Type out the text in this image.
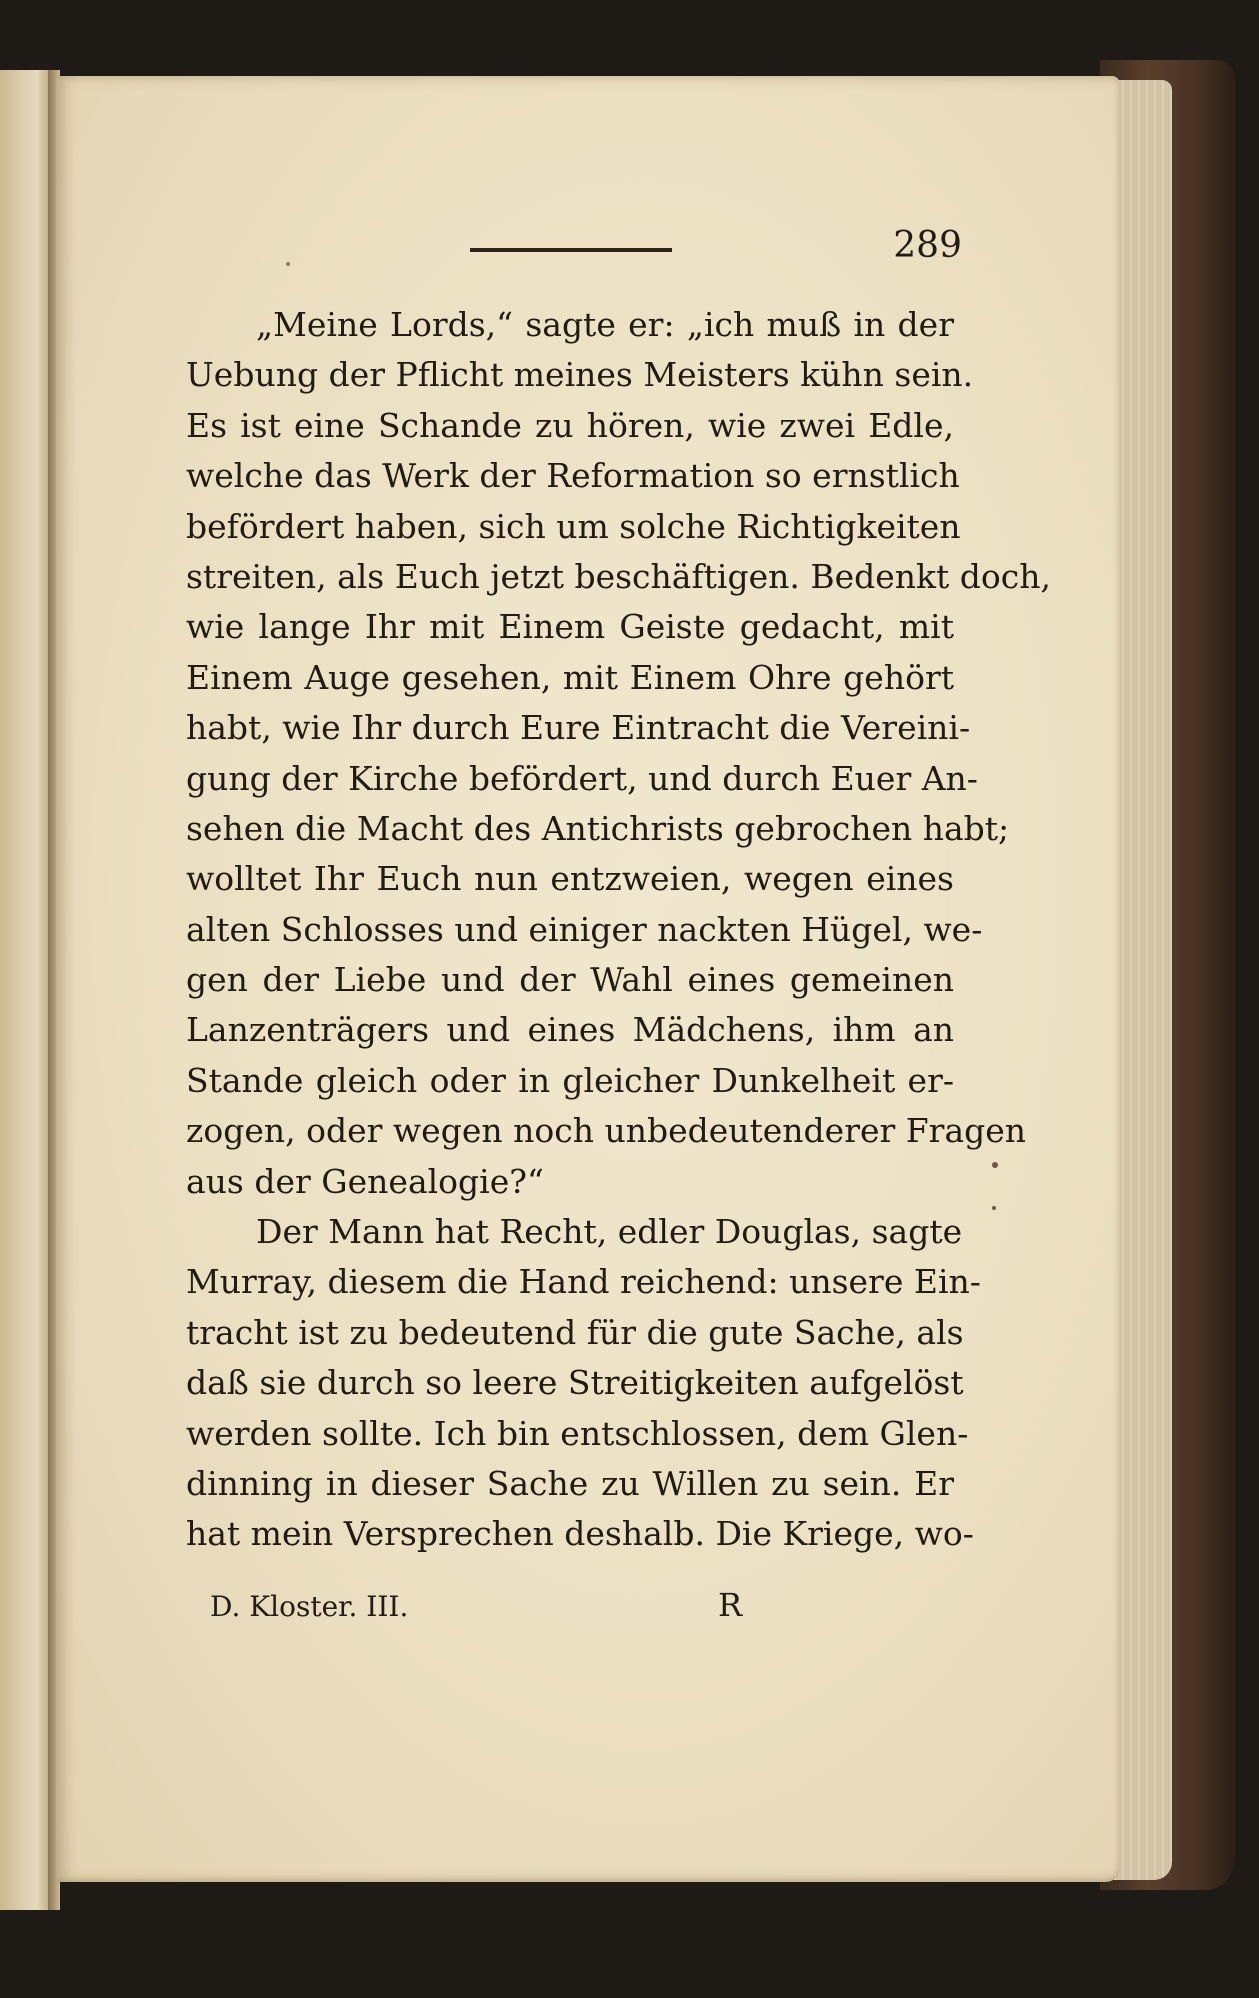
289
„Meine Lords,“ sagte er: „ich muß in der
Uebung der Pflicht meines Meisters kühn sein.
Es ist eine Schande zu hören, wie zwei Edle,
welche das Werk der Reformation so ernstlich
befördert haben, sich um solche Richtigkeiten
streiten, als Euch jetzt beschäftigen. Bedenkt doch,
wie lange Ihr mit Einem Geiste gedacht, mit
Einem Auge gesehen, mit Einem Ohre gehört
habt, wie Ihr durch Eure Eintracht die Vereini-
gung der Kirche befördert, und durch Euer An-
sehen die Macht des Antichrists gebrochen habt;
wolltet Ihr Euch nun entzweien, wegen eines
alten Schlosses und einiger nackten Hügel, we-
gen der Liebe und der Wahl eines gemeinen
Lanzenträgers und eines Mädchens, ihm an
Stande gleich oder in gleicher Dunkelheit er-
zogen, oder wegen noch unbedeutenderer Fragen
aus der Genealogie?“
Der Mann hat Recht, edler Douglas, sagte
Murray, diesem die Hand reichend: unsere Ein-
tracht ist zu bedeutend für die gute Sache, als
daß sie durch so leere Streitigkeiten aufgelöst
werden sollte. Ich bin entschlossen, dem Glen-
dinning in dieser Sache zu Willen zu sein. Er
hat mein Versprechen deshalb. Die Kriege, wo-
D. Kloster. III.	R
